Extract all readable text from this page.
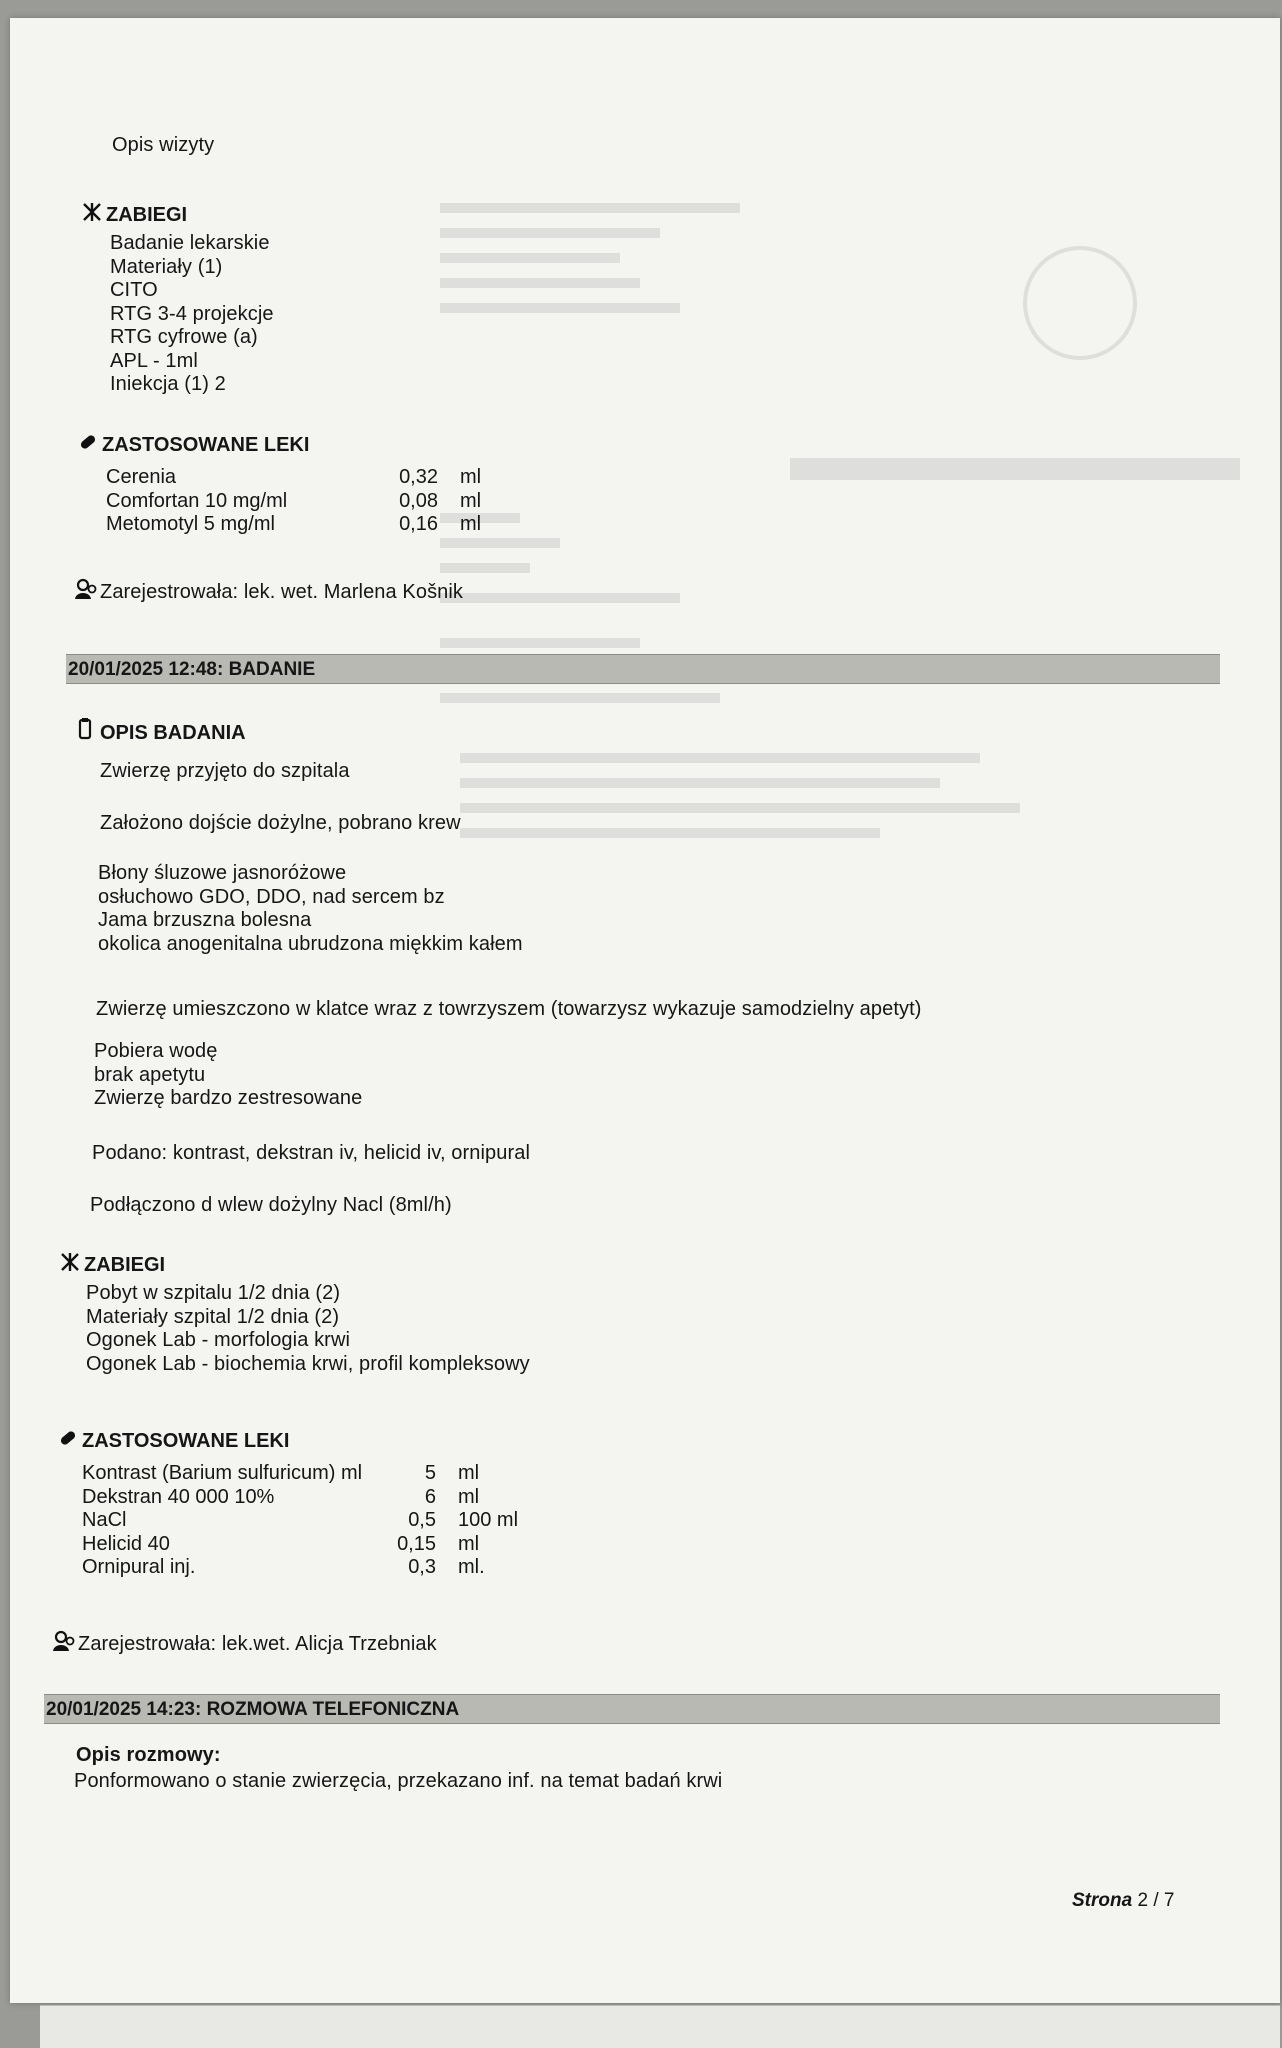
Opis wizyty
ZABIEGI
Badanie lekarskie
Materiały (1)
CITO
RTG 3-4 projekcje
RTG cyfrowe (a)
APL - 1ml
Iniekcja (1) 2
ZASTOSOWANE LEKI
Cerenia	0,32	ml
Comfortan 10 mg/ml	0,08	ml
Metomotyl 5 mg/ml	0,16	ml
Zarejestrowała: lek. wet. Marlena Košnik
20/01/2025 12:48: BADANIE
OPIS BADANIA
Zwierzę przyjęto do szpitala
Założono dojście dożylne, pobrano krew
Błony śluzowe jasnoróżowe
osłuchowo GDO, DDO, nad sercem bz
Jama brzuszna bolesna
okolica anogenitalna ubrudzona miękkim kałem
Zwierzę umieszczono w klatce wraz z towrzyszem (towarzysz wykazuje samodzielny apetyt)
Pobiera wodę
brak apetytu
Zwierzę bardzo zestresowane
Podano: kontrast, dekstran iv, helicid iv, ornipural
Podłączono d wlew dożylny Nacl (8ml/h)
ZABIEGI
Pobyt w szpitalu 1/2 dnia (2)
Materiały szpital 1/2 dnia (2)
Ogonek Lab - morfologia krwi
Ogonek Lab - biochemia krwi, profil kompleksowy
ZASTOSOWANE LEKI
Kontrast (Barium sulfuricum) ml	5	ml
Dekstran 40 000 10%	6	ml
NaCl	0,5	100 ml
Helicid 40	0,15	ml
Ornipural inj.	0,3	ml.
Zarejestrowała: lek.wet. Alicja Trzebniak
20/01/2025 14:23: ROZMOWA TELEFONICZNA
Opis rozmowy:
Ponformowano o stanie zwierzęcia, przekazano inf. na temat badań krwi
Strona 2 / 7
